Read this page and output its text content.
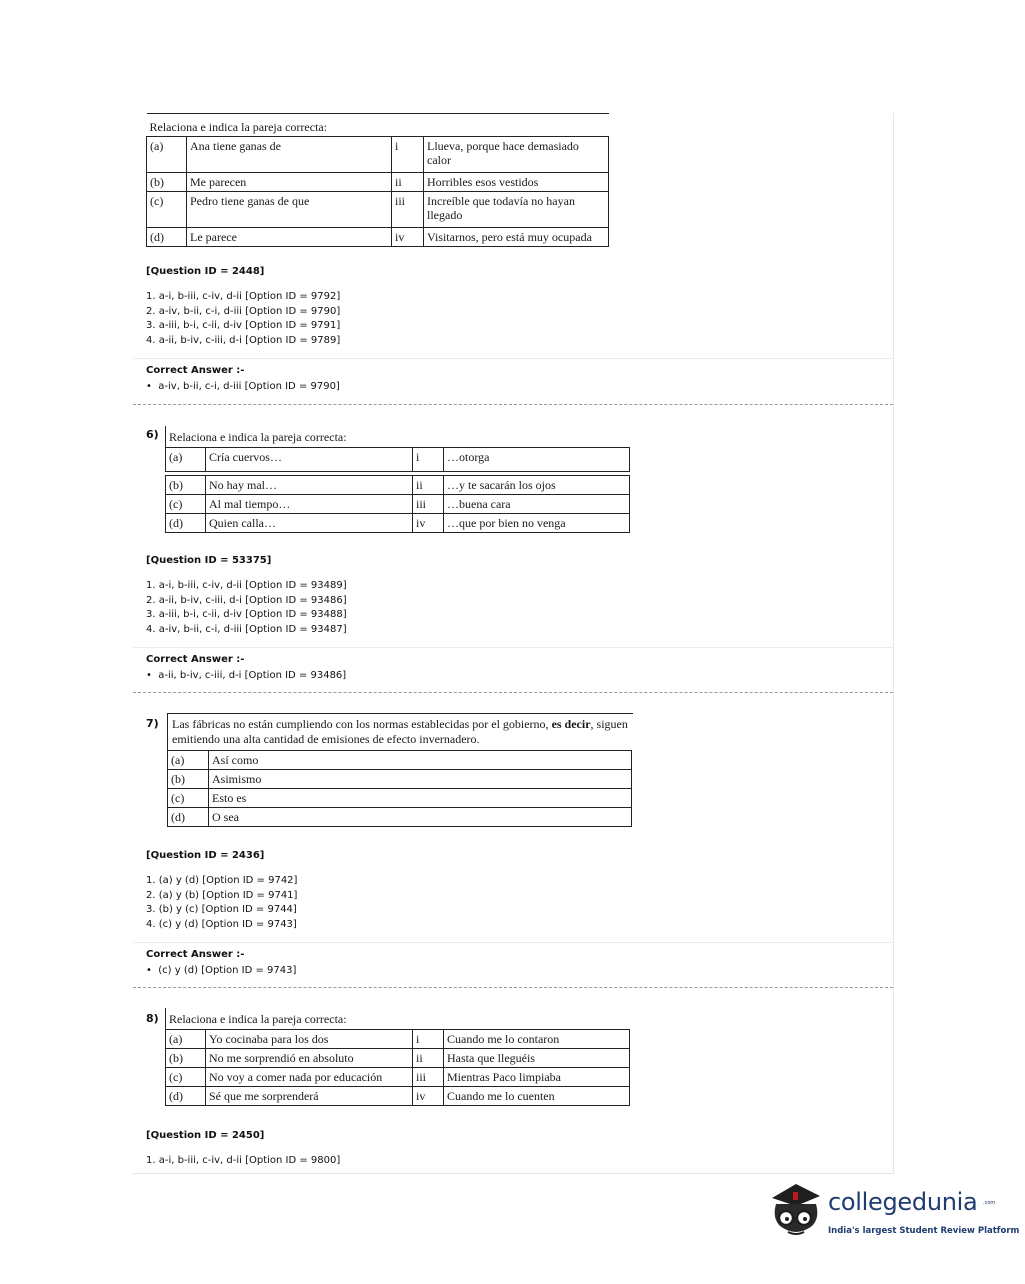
Relaciona e indica la pareja correcta:			
(a)	Ana tiene ganas de	i	Llueva, porque hace demasiado calor
(b)	Me parecen	ii	Horribles esos vestidos
(c)	Pedro tiene ganas de que	iii	Increíble que todavía no hayan llegado
(d)	Le parece	iv	Visitarnos, pero está muy ocupada
[Question ID = 2448]
1. a-i, b-iii, c-iv, d-ii [Option ID = 9792]
2. a-iv, b-ii, c-i, d-iii [Option ID = 9790]
3. a-iii, b-i, c-ii, d-iv [Option ID = 9791]
4. a-ii, b-iv, c-iii, d-i [Option ID = 9789]
Correct Answer :-
•  a-iv, b-ii, c-i, d-iii [Option ID = 9790]
6) Relaciona e indica la pareja correcta:			
(a)	Cría cuervos…	i	…otorga

(b)	No hay mal…	ii	…y te sacarán los ojos
(c)	Al mal tiempo…	iii	…buena cara
(d)	Quien calla…	iv	…que por bien no venga
[Question ID = 53375]
1. a-i, b-iii, c-iv, d-ii [Option ID = 93489]
2. a-ii, b-iv, c-iii, d-i [Option ID = 93486]
3. a-iii, b-i, c-ii, d-iv [Option ID = 93488]
4. a-iv, b-ii, c-i, d-iii [Option ID = 93487]
Correct Answer :-
•  a-ii, b-iv, c-iii, d-i [Option ID = 93486]
7)	Las fábricas no están cumpliendo con los normas establecidas por el gobierno, es decir, siguen emitiendo una alta cantidad de emisiones de efecto invernadero.
(a)	Así como
(b)	Asimismo
(c)	Esto es
(d)	O sea
[Question ID = 2436]
1. (a) y (d) [Option ID = 9742]
2. (a) y (b) [Option ID = 9741]
3. (b) y (c) [Option ID = 9744]
4. (c) y (d) [Option ID = 9743]
Correct Answer :-
•  (c) y (d) [Option ID = 9743]
8) Relaciona e indica la pareja correcta:			
(a)	Yo cocinaba para los dos	i	Cuando me lo contaron
(b)	No me sorprendió en absoluto	ii	Hasta que lleguéis
(c)	No voy a comer nada por educación	iii	Mientras Paco limpiaba
(d)	Sé que me sorprenderá	iv	Cuando me lo cuenten
[Question ID = 2450]
1. a-i, b-iii, c-iv, d-ii [Option ID = 9800]
collegedunia .com
India's largest Student Review Platform
